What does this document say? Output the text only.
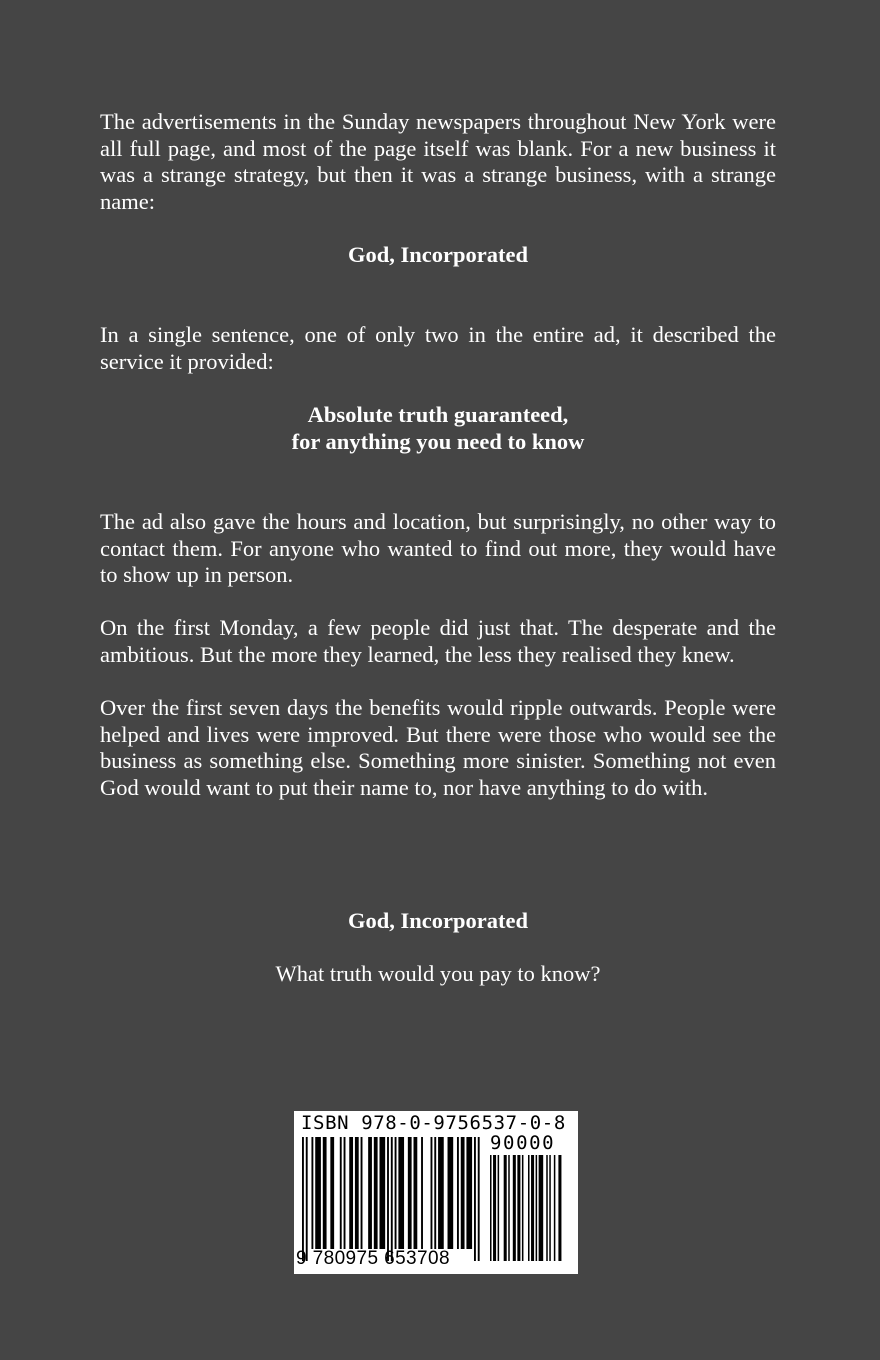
The advertisements in the Sunday newspapers throughout New York were all full page, and most of the page itself was blank. For a new business it was a strange strategy, but then it was a strange business, with a strange name:

God, Incorporated

In a single sentence, one of only two in the entire ad, it described the service it provided:

Absolute truth guaranteed,
for anything you need to know

The ad also gave the hours and location, but surprisingly, no other way to contact them. For anyone who wanted to find out more, they would have to show up in person.

On the first Monday, a few people did just that. The desperate and the ambitious. But the more they learned, the less they realised they knew.

Over the first seven days the benefits would ripple outwards. People were helped and lives were improved. But there were those who would see the business as something else. Something more sinister. Something not even God would want to put their name to, nor have anything to do with.

God, Incorporated

What truth would you pay to know?

ISBN 978-0-9756537-0-8
90000
9 780975 653708
